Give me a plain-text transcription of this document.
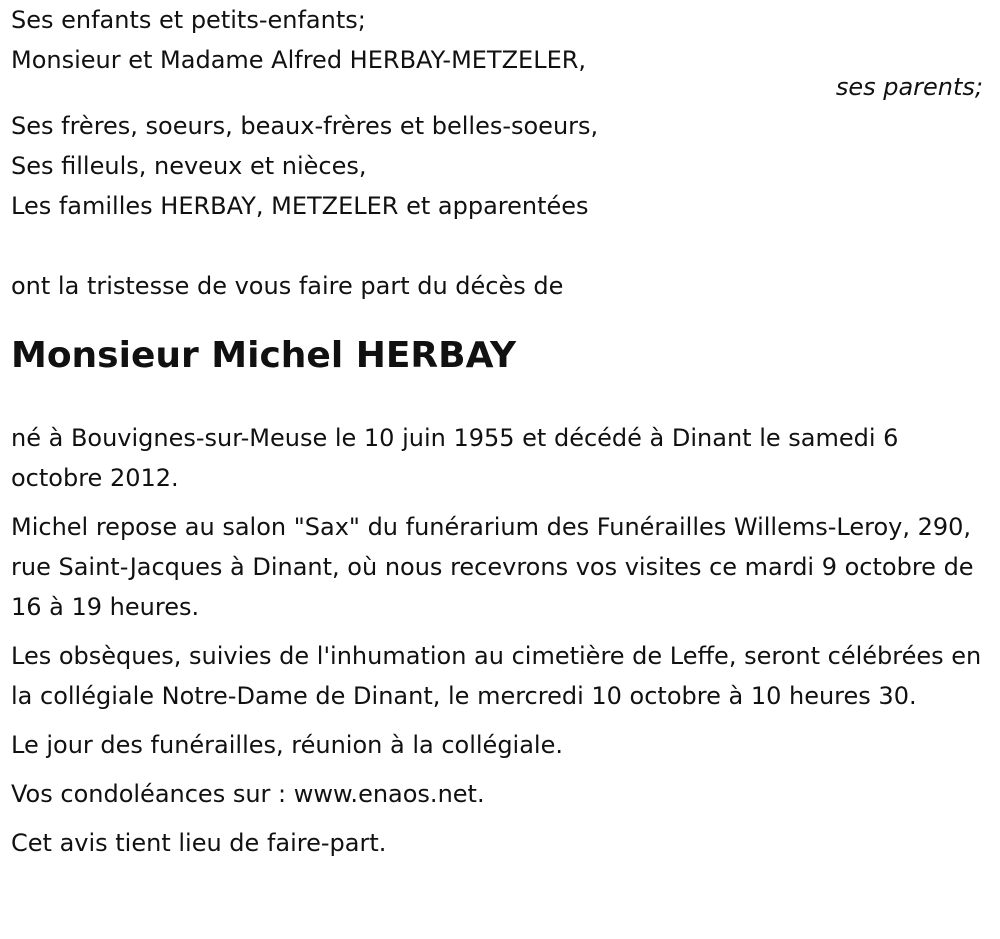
Ses enfants et petits-enfants;

Monsieur et Madame Alfred HERBAY-METZELER,

ses parents;

Ses frères, soeurs, beaux-frères et belles-soeurs,

Ses filleuls, neveux et nièces,

Les familles HERBAY, METZELER et apparentées

ont la tristesse de vous faire part du décès de

Monsieur Michel HERBAY

né à Bouvignes-sur-Meuse le 10 juin 1955 et décédé à Dinant le samedi 6 octobre 2012.

Michel repose au salon "Sax" du funérarium des Funérailles Willems-Leroy, 290, rue Saint-Jacques à Dinant, où nous recevrons vos visites ce mardi 9 octobre de 16 à 19 heures.

Les obsèques, suivies de l'inhumation au cimetière de Leffe, seront célébrées en la collégiale Notre-Dame de Dinant, le mercredi 10 octobre à 10 heures 30.

Le jour des funérailles, réunion à la collégiale.

Vos condoléances sur : www.enaos.net.

Cet avis tient lieu de faire-part.
